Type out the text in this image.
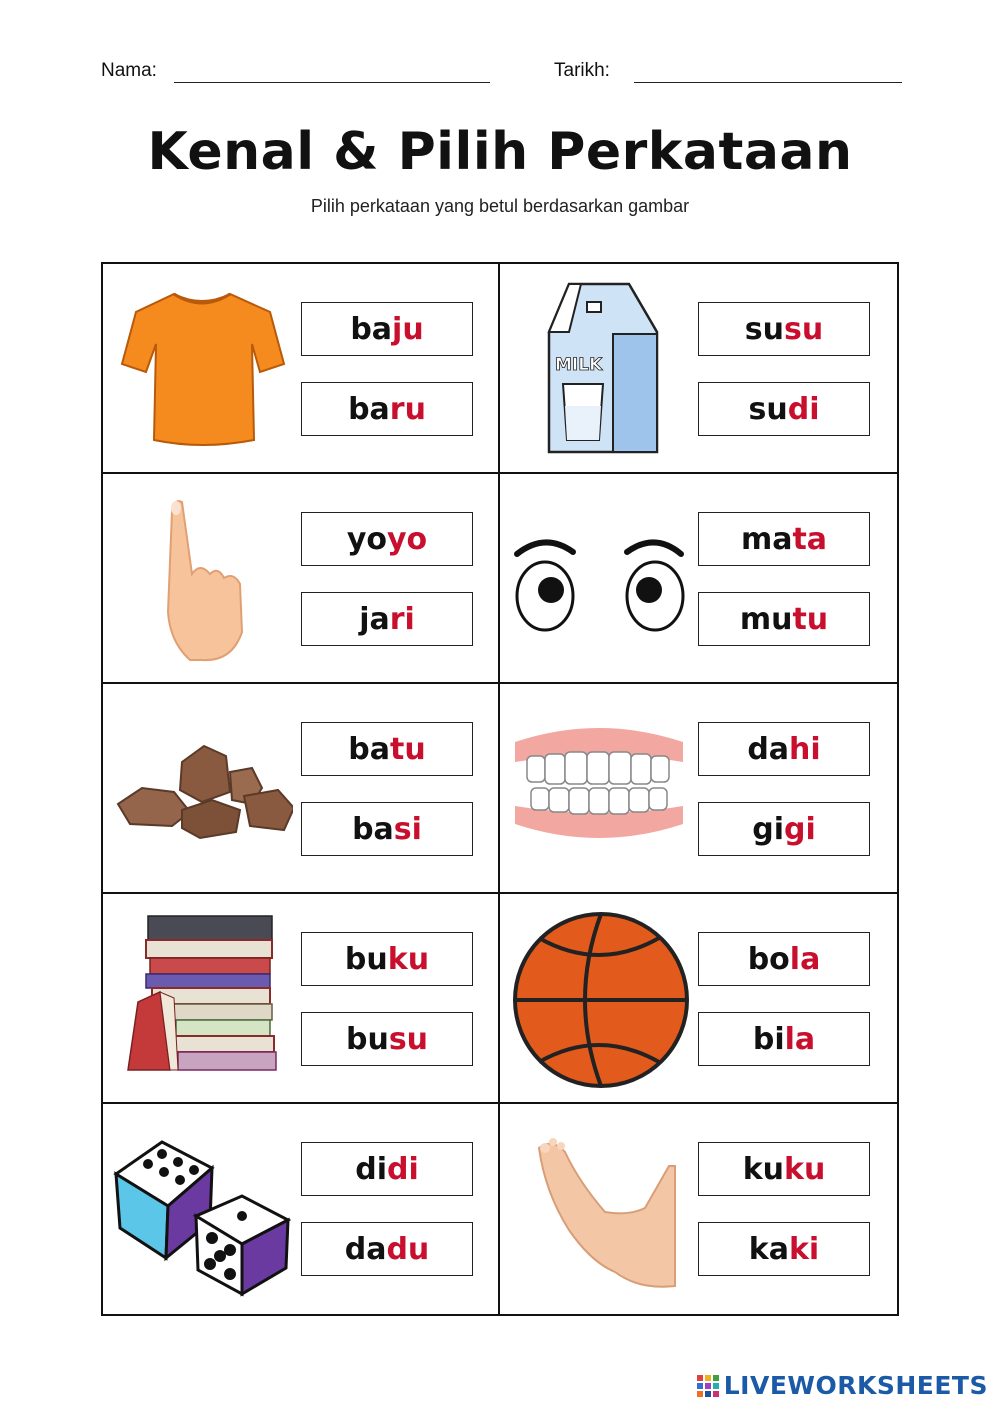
Nama:	Tarikh:
Kenal & Pilih Perkataan
Pilih perkataan yang betul berdasarkan gambar
ba ju
ba ru
MILK
su su
su di
yo yo
ja ri
ma ta
mu tu
ba tu
ba si
da hi
gi gi
bu ku
bu su
bo la
bi la
di di
da du
ku ku
ka ki
LIVEWORKSHEETS
